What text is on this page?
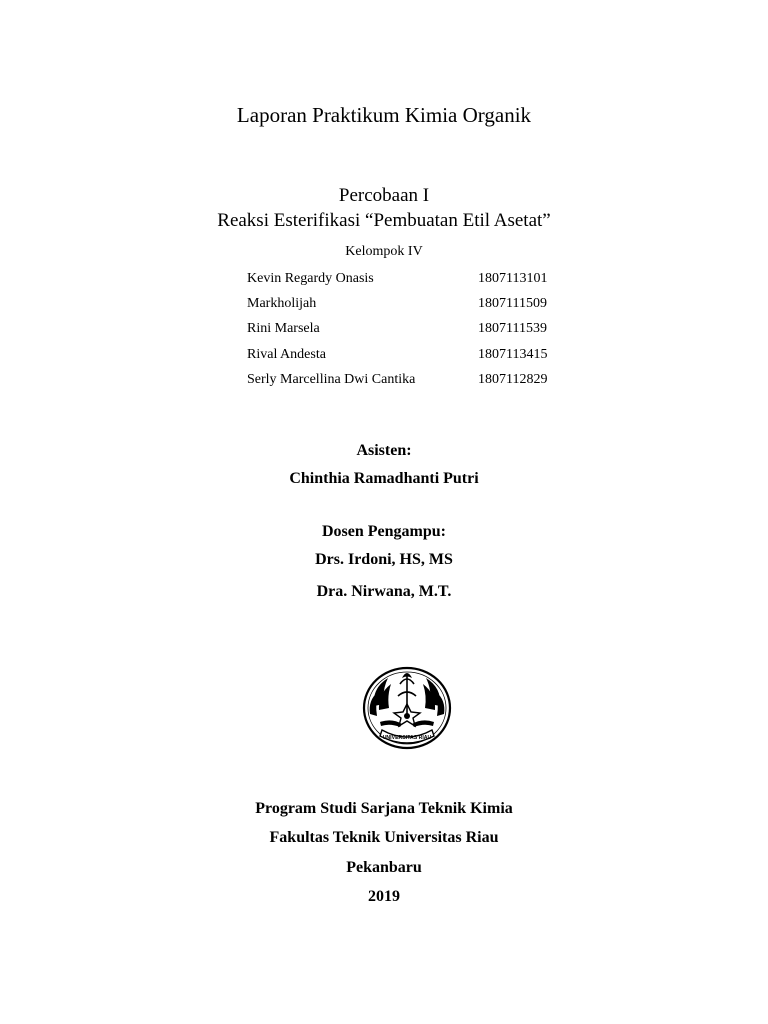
Laporan Praktikum Kimia Organik
Percobaan I
Reaksi Esterifikasi “Pembuatan Etil Asetat”
Kelompok IV
Kevin Regardy Onasis	1807113101
Markholijah	1807111509
Rini Marsela	1807111539
Rival Andesta	1807113415
Serly Marcellina Dwi Cantika	1807112829
Asisten:
Chinthia Ramadhanti Putri
Dosen Pengampu:
Drs. Irdoni, HS, MS
Dra. Nirwana, M.T.
UNIVERSITAS RIAU
Program Studi Sarjana Teknik Kimia
Fakultas Teknik Universitas Riau
Pekanbaru
2019
